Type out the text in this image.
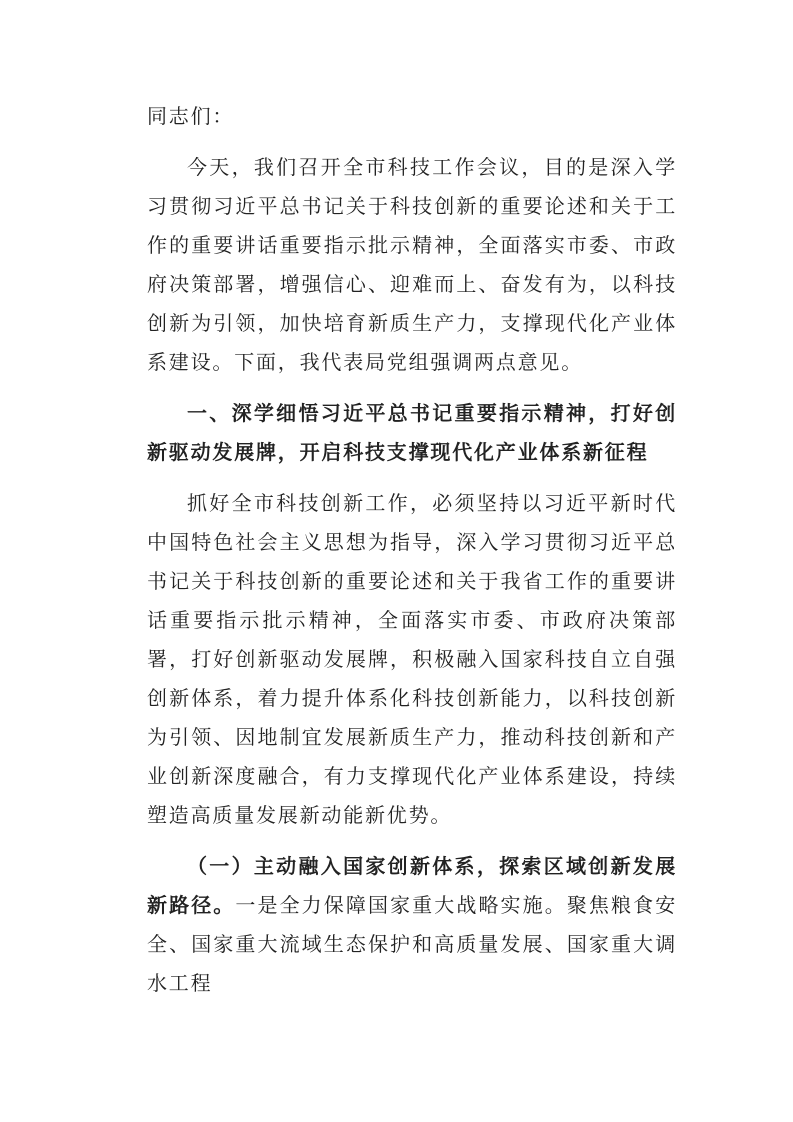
同志们：

今天，我们召开全市科技工作会议，目的是深入学习贯彻习近平总书记关于科技创新的重要论述和关于工作的重要讲话重要指示批示精神，全面落实市委、市政府决策部署，增强信心、迎难而上、奋发有为，以科技创新为引领，加快培育新质生产力，支撑现代化产业体系建设。下面，我代表局党组强调两点意见。

一、深学细悟习近平总书记重要指示精神，打好创新驱动发展牌，开启科技支撑现代化产业体系新征程

抓好全市科技创新工作，必须坚持以习近平新时代中国特色社会主义思想为指导，深入学习贯彻习近平总书记关于科技创新的重要论述和关于我省工作的重要讲话重要指示批示精神，全面落实市委、市政府决策部署，打好创新驱动发展牌，积极融入国家科技自立自强创新体系，着力提升体系化科技创新能力，以科技创新为引领、因地制宜发展新质生产力，推动科技创新和产业创新深度融合，有力支撑现代化产业体系建设，持续塑造高质量发展新动能新优势。

（一）主动融入国家创新体系，探索区域创新发展新路径。一是全力保障国家重大战略实施。聚焦粮食安全、国家重大流域生态保护和高质量发展、国家重大调水工程
